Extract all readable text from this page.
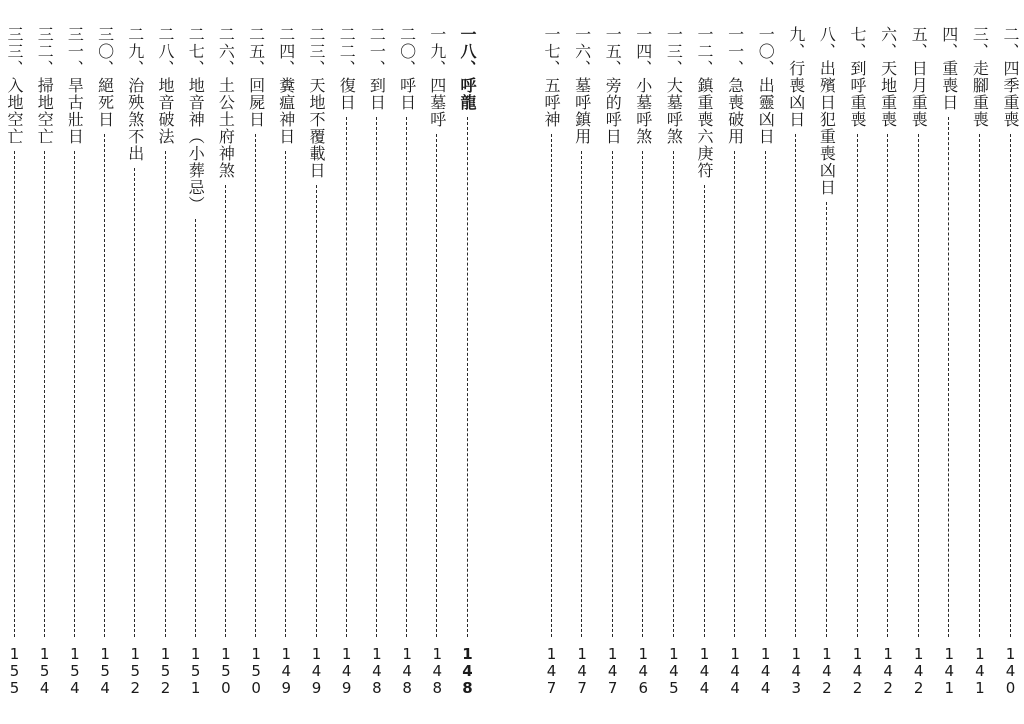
三三、入地空亡
155
三二、掃地空亡
154
三一、旱古壯日
154
三〇、絕死日
154
二九、治殃煞不出
152
二八、地音破法
152
二七、地音神（小葬忌）
151
二六、土公土府神煞
150
二五、回屍日
150
二四、糞瘟神日
149
二三、天地不覆載日
149
二二、復日
149
二一、到日
148
二〇、呼日
148
一九、四墓呼
148
一八、呼龍
148
一七、五呼神
147
一六、墓呼鎮用
147
一五、旁的呼日
147
一四、小墓呼煞
146
一三、大墓呼煞
145
一二、鎮重喪六庚符
144
一一、急喪破用
144
一〇、出靈凶日
144
九、行喪凶日
143
八、出殯日犯重喪凶日
142
七、到呼重喪
142
六、天地重喪
142
五、日月重喪
142
四、重喪日
141
三、走腳重喪
141
二、四季重喪
140
